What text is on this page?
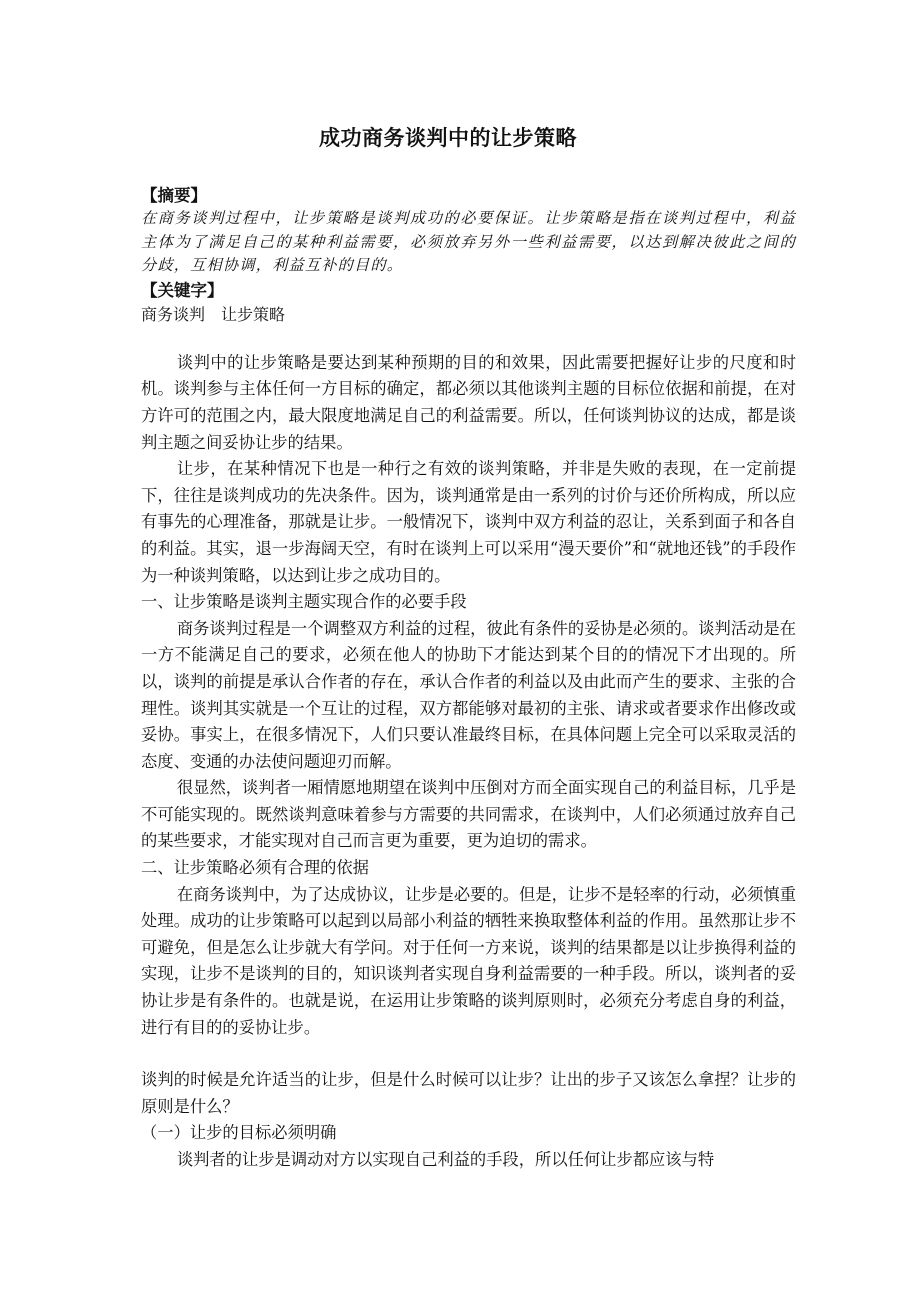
成功商务谈判中的让步策略
【摘要】

在商务谈判过程中，让步策略是谈判成功的必要保证。让步策略是指在谈判过程中，利益主体为了满足自己的某种利益需要，必须放弃另外一些利益需要，以达到解决彼此之间的分歧，互相协调，利益互补的目的。

【关键字】

商务谈判　让步策略

谈判中的让步策略是要达到某种预期的目的和效果，因此需要把握好让步的尺度和时机。谈判参与主体任何一方目标的确定，都必须以其他谈判主题的目标位依据和前提，在对方许可的范围之内，最大限度地满足自己的利益需要。所以，任何谈判协议的达成，都是谈判主题之间妥协让步的结果。

让步，在某种情况下也是一种行之有效的谈判策略，并非是失败的表现，在一定前提下，往往是谈判成功的先决条件。因为，谈判通常是由一系列的讨价与还价所构成，所以应有事先的心理准备，那就是让步。一般情况下，谈判中双方利益的忍让，关系到面子和各自的利益。其实，退一步海阔天空，有时在谈判上可以采用“漫天要价”和“就地还钱”的手段作为一种谈判策略，以达到让步之成功目的。

一、让步策略是谈判主题实现合作的必要手段

商务谈判过程是一个调整双方利益的过程，彼此有条件的妥协是必须的。谈判活动是在一方不能满足自己的要求，必须在他人的协助下才能达到某个目的的情况下才出现的。所以，谈判的前提是承认合作者的存在，承认合作者的利益以及由此而产生的要求、主张的合理性。谈判其实就是一个互让的过程，双方都能够对最初的主张、请求或者要求作出修改或妥协。事实上，在很多情况下，人们只要认准最终目标，在具体问题上完全可以采取灵活的态度、变通的办法使问题迎刃而解。

很显然，谈判者一厢情愿地期望在谈判中压倒对方而全面实现自己的利益目标，几乎是不可能实现的。既然谈判意味着参与方需要的共同需求，在谈判中，人们必须通过放弃自己的某些要求，才能实现对自己而言更为重要，更为迫切的需求。

二、让步策略必须有合理的依据

在商务谈判中，为了达成协议，让步是必要的。但是，让步不是轻率的行动，必须慎重处理。成功的让步策略可以起到以局部小利益的牺牲来换取整体利益的作用。虽然那让步不可避免，但是怎么让步就大有学问。对于任何一方来说，谈判的结果都是以让步换得利益的实现，让步不是谈判的目的，知识谈判者实现自身利益需要的一种手段。所以，谈判者的妥协让步是有条件的。也就是说，在运用让步策略的谈判原则时，必须充分考虑自身的利益，进行有目的的妥协让步。

谈判的时候是允许适当的让步，但是什么时候可以让步？让出的步子又该怎么拿捏？让步的原则是什么？

（一）让步的目标必须明确

谈判者的让步是调动对方以实现自己利益的手段，所以任何让步都应该与特
